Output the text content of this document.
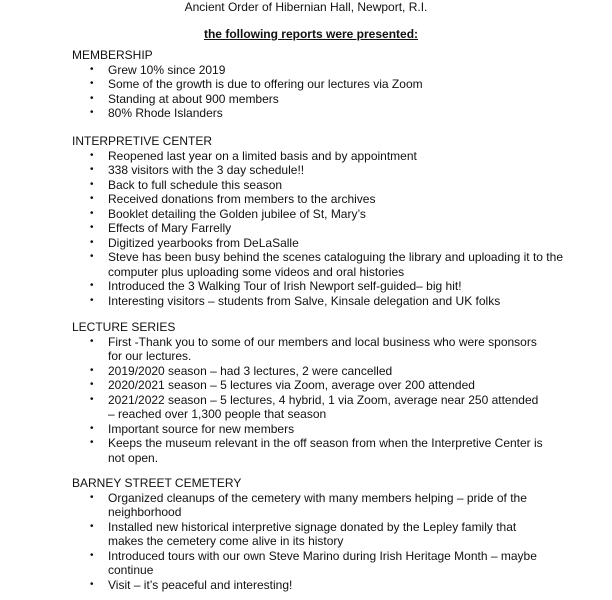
Ancient Order of Hibernian Hall, Newport, R.I.
the following reports were presented:

MEMBERSHIP

•	Grew 10% since 2019
•	Some of the growth is due to offering our lectures via Zoom
•	Standing at about 900 members
•	80% Rhode Islanders

INTERPRETIVE CENTER

•	Reopened last year on a limited basis and by appointment
•	338 visitors with the 3 day schedule!!
•	Back to full schedule this season
•	Received donations from members to the archives
•	Booklet detailing the Golden jubilee of St, Mary’s
•	Effects of Mary Farrelly
•	Digitized yearbooks from DeLaSalle
•	Steve has been busy behind the scenes cataloguing the library and uploading it to the computer plus uploading some videos and oral histories
•	Introduced the 3 Walking Tour of Irish Newport self-guided– big hit!
•	Interesting visitors – students from Salve, Kinsale delegation and UK folks

LECTURE SERIES

•	First -Thank you to some of our members and local business who were sponsors for our lectures.
•	2019/2020 season – had 3 lectures, 2 were cancelled
•	2020/2021 season – 5 lectures via Zoom, average over 200 attended
•	2021/2022 season – 5 lectures, 4 hybrid, 1 via Zoom, average near 250 attended – reached over 1,300 people that season
•	Important source for new members
•	Keeps the museum relevant in the off season from when the Interpretive Center is not open.

BARNEY STREET CEMETERY

•	Organized cleanups of the cemetery with many members helping – pride of the neighborhood
•	Installed new historical interpretive signage donated by the Lepley family that makes the cemetery come alive in its history
•	Introduced tours with our own Steve Marino during Irish Heritage Month – maybe continue
•	Visit – it’s peaceful and interesting!
